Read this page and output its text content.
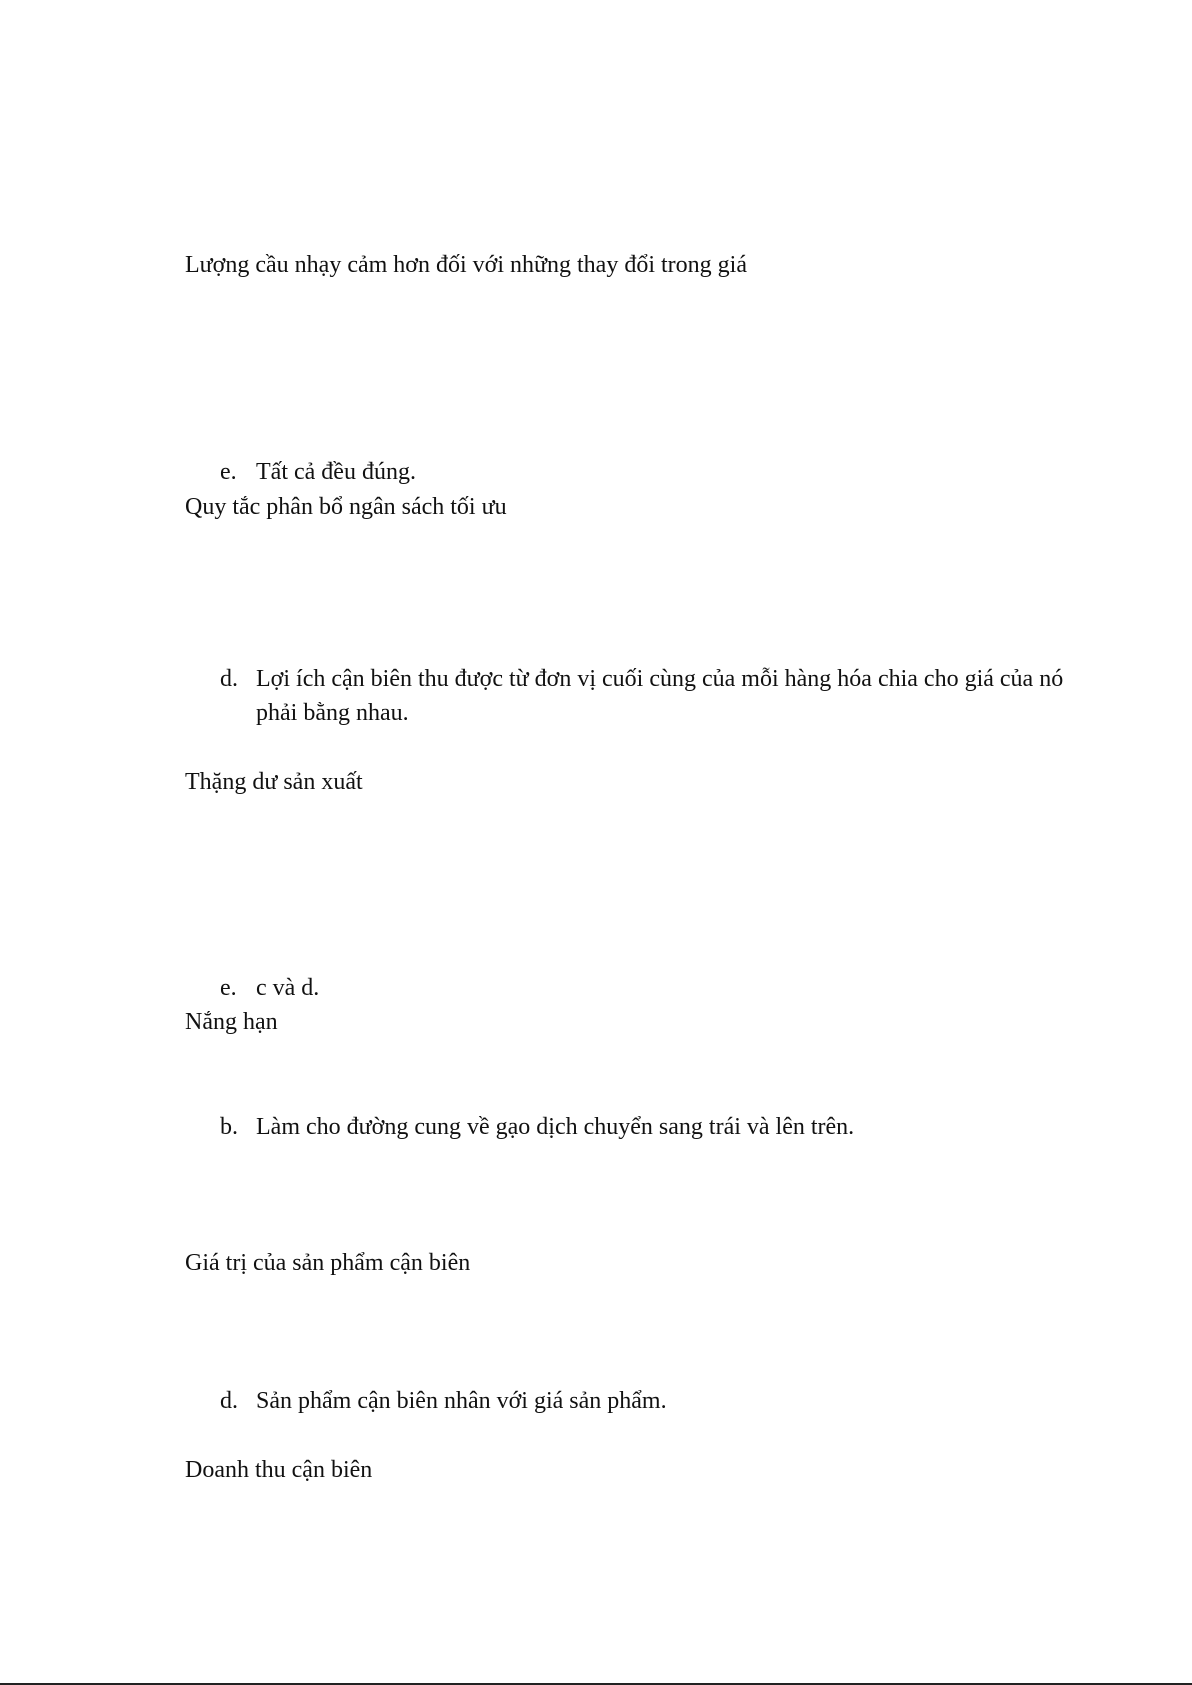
Lượng cầu nhạy cảm hơn đối với những thay đổi trong giá
e. Tất cả đều đúng.
Quy tắc phân bổ ngân sách tối ưu
d. Lợi ích cận biên thu được từ đơn vị cuối cùng của mỗi hàng hóa chia cho giá của nó phải bằng nhau.
Thặng dư sản xuất
e. c và d.
Nắng hạn
b. Làm cho đường cung về gạo dịch chuyển sang trái và lên trên.
Giá trị của sản phẩm cận biên
d. Sản phẩm cận biên nhân với giá sản phẩm.
Doanh thu cận biên
